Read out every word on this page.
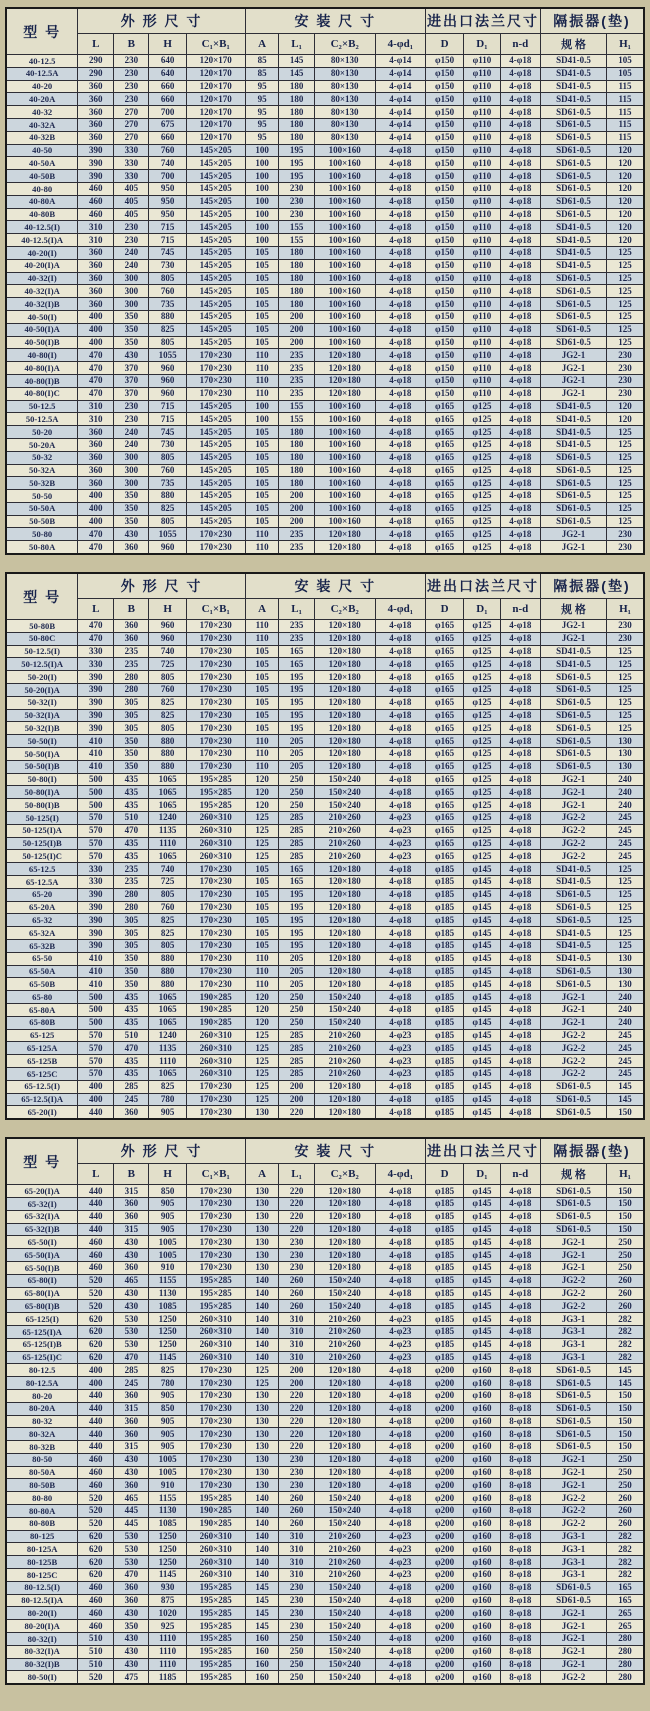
型 号	外 形 尺 寸				安 装 尺 寸				进出口法兰尺寸			隔振器(垫)	
	L	B	H	C₁×B₁	A	L₁	C₂×B₂	4-φd₁	D	D₁	n-d	规 格	H₁
40-12.5	290	230	640	120×170	85	145	80×130	4-φ14	φ150	φ110	4-φ18	SD41-0.5	105
40-12.5A	290	230	640	120×170	85	145	80×130	4-φ14	φ150	φ110	4-φ18	SD41-0.5	105
40-20	360	230	660	120×170	95	180	80×130	4-φ14	φ150	φ110	4-φ18	SD41-0.5	115
40-20A	360	230	660	120×170	95	180	80×130	4-φ14	φ150	φ110	4-φ18	SD41-0.5	115
40-32	360	270	700	120×170	95	180	80×130	4-φ14	φ150	φ110	4-φ18	SD61-0.5	115
40-32A	360	270	675	120×170	95	180	80×130	4-φ14	φ150	φ110	4-φ18	SD61-0.5	115
40-32B	360	270	660	120×170	95	180	80×130	4-φ14	φ150	φ110	4-φ18	SD61-0.5	115
40-50	390	330	760	145×205	100	195	100×160	4-φ18	φ150	φ110	4-φ18	SD61-0.5	120
40-50A	390	330	740	145×205	100	195	100×160	4-φ18	φ150	φ110	4-φ18	SD61-0.5	120
40-50B	390	330	700	145×205	100	195	100×160	4-φ18	φ150	φ110	4-φ18	SD61-0.5	120
40-80	460	405	950	145×205	100	230	100×160	4-φ18	φ150	φ110	4-φ18	SD61-0.5	120
40-80A	460	405	950	145×205	100	230	100×160	4-φ18	φ150	φ110	4-φ18	SD61-0.5	120
40-80B	460	405	950	145×205	100	230	100×160	4-φ18	φ150	φ110	4-φ18	SD61-0.5	120
40-12.5(I)	310	230	715	145×205	100	155	100×160	4-φ18	φ150	φ110	4-φ18	SD41-0.5	120
40-12.5(I)A	310	230	715	145×205	100	155	100×160	4-φ18	φ150	φ110	4-φ18	SD41-0.5	120
40-20(I)	360	240	745	145×205	105	180	100×160	4-φ18	φ150	φ110	4-φ18	SD41-0.5	125
40-20(I)A	360	240	730	145×205	105	180	100×160	4-φ18	φ150	φ110	4-φ18	SD41-0.5	125
40-32(I)	360	300	805	145×205	105	180	100×160	4-φ18	φ150	φ110	4-φ18	SD61-0.5	125
40-32(I)A	360	300	760	145×205	105	180	100×160	4-φ18	φ150	φ110	4-φ18	SD61-0.5	125
40-32(I)B	360	300	735	145×205	105	180	100×160	4-φ18	φ150	φ110	4-φ18	SD61-0.5	125
40-50(I)	400	350	880	145×205	105	200	100×160	4-φ18	φ150	φ110	4-φ18	SD61-0.5	125
40-50(I)A	400	350	825	145×205	105	200	100×160	4-φ18	φ150	φ110	4-φ18	SD61-0.5	125
40-50(I)B	400	350	805	145×205	105	200	100×160	4-φ18	φ150	φ110	4-φ18	SD61-0.5	125
40-80(I)	470	430	1055	170×230	110	235	120×180	4-φ18	φ150	φ110	4-φ18	JG2-1	230
40-80(I)A	470	370	960	170×230	110	235	120×180	4-φ18	φ150	φ110	4-φ18	JG2-1	230
40-80(I)B	470	370	960	170×230	110	235	120×180	4-φ18	φ150	φ110	4-φ18	JG2-1	230
40-80(I)C	470	370	960	170×230	110	235	120×180	4-φ18	φ150	φ110	4-φ18	JG2-1	230
50-12.5	310	230	715	145×205	100	155	100×160	4-φ18	φ165	φ125	4-φ18	SD41-0.5	120
50-12.5A	310	230	715	145×205	100	155	100×160	4-φ18	φ165	φ125	4-φ18	SD41-0.5	120
50-20	360	240	745	145×205	105	180	100×160	4-φ18	φ165	φ125	4-φ18	SD41-0.5	125
50-20A	360	240	730	145×205	105	180	100×160	4-φ18	φ165	φ125	4-φ18	SD41-0.5	125
50-32	360	300	805	145×205	105	180	100×160	4-φ18	φ165	φ125	4-φ18	SD61-0.5	125
50-32A	360	300	760	145×205	105	180	100×160	4-φ18	φ165	φ125	4-φ18	SD61-0.5	125
50-32B	360	300	735	145×205	105	180	100×160	4-φ18	φ165	φ125	4-φ18	SD61-0.5	125
50-50	400	350	880	145×205	105	200	100×160	4-φ18	φ165	φ125	4-φ18	SD61-0.5	125
50-50A	400	350	825	145×205	105	200	100×160	4-φ18	φ165	φ125	4-φ18	SD61-0.5	125
50-50B	400	350	805	145×205	105	200	100×160	4-φ18	φ165	φ125	4-φ18	SD61-0.5	125
50-80	470	430	1055	170×230	110	235	120×180	4-φ18	φ165	φ125	4-φ18	JG2-1	230
50-80A	470	360	960	170×230	110	235	120×180	4-φ18	φ165	φ125	4-φ18	JG2-1	230
型 号	外 形 尺 寸				安 装 尺 寸				进出口法兰尺寸			隔振器(垫)	
	L	B	H	C₁×B₁	A	L₁	C₂×B₂	4-φd₁	D	D₁	n-d	规 格	H₁
50-80B	470	360	960	170×230	110	235	120×180	4-φ18	φ165	φ125	4-φ18	JG2-1	230
50-80C	470	360	960	170×230	110	235	120×180	4-φ18	φ165	φ125	4-φ18	JG2-1	230
50-12.5(I)	330	235	740	170×230	105	165	120×180	4-φ18	φ165	φ125	4-φ18	SD41-0.5	125
50-12.5(I)A	330	235	725	170×230	105	165	120×180	4-φ18	φ165	φ125	4-φ18	SD41-0.5	125
50-20(I)	390	280	805	170×230	105	195	120×180	4-φ18	φ165	φ125	4-φ18	SD61-0.5	125
50-20(I)A	390	280	760	170×230	105	195	120×180	4-φ18	φ165	φ125	4-φ18	SD61-0.5	125
50-32(I)	390	305	825	170×230	105	195	120×180	4-φ18	φ165	φ125	4-φ18	SD61-0.5	125
50-32(I)A	390	305	825	170×230	105	195	120×180	4-φ18	φ165	φ125	4-φ18	SD61-0.5	125
50-32(I)B	390	305	805	170×230	105	195	120×180	4-φ18	φ165	φ125	4-φ18	SD61-0.5	125
50-50(I)	410	350	880	170×230	110	205	120×180	4-φ18	φ165	φ125	4-φ18	SD61-0.5	130
50-50(I)A	410	350	880	170×230	110	205	120×180	4-φ18	φ165	φ125	4-φ18	SD61-0.5	130
50-50(I)B	410	350	880	170×230	110	205	120×180	4-φ18	φ165	φ125	4-φ18	SD61-0.5	130
50-80(I)	500	435	1065	195×285	120	250	150×240	4-φ18	φ165	φ125	4-φ18	JG2-1	240
50-80(I)A	500	435	1065	195×285	120	250	150×240	4-φ18	φ165	φ125	4-φ18	JG2-1	240
50-80(I)B	500	435	1065	195×285	120	250	150×240	4-φ18	φ165	φ125	4-φ18	JG2-1	240
50-125(I)	570	510	1240	260×310	125	285	210×260	4-φ23	φ165	φ125	4-φ18	JG2-2	245
50-125(I)A	570	470	1135	260×310	125	285	210×260	4-φ23	φ165	φ125	4-φ18	JG2-2	245
50-125(I)B	570	435	1110	260×310	125	285	210×260	4-φ23	φ165	φ125	4-φ18	JG2-2	245
50-125(I)C	570	435	1065	260×310	125	285	210×260	4-φ23	φ165	φ125	4-φ18	JG2-2	245
65-12.5	330	235	740	170×230	105	165	120×180	4-φ18	φ185	φ145	4-φ18	SD41-0.5	125
65-12.5A	330	235	725	170×230	105	165	120×180	4-φ18	φ185	φ145	4-φ18	SD41-0.5	125
65-20	390	280	805	170×230	105	195	120×180	4-φ18	φ185	φ145	4-φ18	SD61-0.5	125
65-20A	390	280	760	170×230	105	195	120×180	4-φ18	φ185	φ145	4-φ18	SD61-0.5	125
65-32	390	305	825	170×230	105	195	120×180	4-φ18	φ185	φ145	4-φ18	SD61-0.5	125
65-32A	390	305	825	170×230	105	195	120×180	4-φ18	φ185	φ145	4-φ18	SD41-0.5	125
65-32B	390	305	805	170×230	105	195	120×180	4-φ18	φ185	φ145	4-φ18	SD41-0.5	125
65-50	410	350	880	170×230	110	205	120×180	4-φ18	φ185	φ145	4-φ18	SD41-0.5	130
65-50A	410	350	880	170×230	110	205	120×180	4-φ18	φ185	φ145	4-φ18	SD61-0.5	130
65-50B	410	350	880	170×230	110	205	120×180	4-φ18	φ185	φ145	4-φ18	SD61-0.5	130
65-80	500	435	1065	190×285	120	250	150×240	4-φ18	φ185	φ145	4-φ18	JG2-1	240
65-80A	500	435	1065	190×285	120	250	150×240	4-φ18	φ185	φ145	4-φ18	JG2-1	240
65-80B	500	435	1065	190×285	120	250	150×240	4-φ18	φ185	φ145	4-φ18	JG2-1	240
65-125	570	510	1240	260×310	125	285	210×260	4-φ23	φ185	φ145	4-φ18	JG2-2	245
65-125A	570	470	1135	260×310	125	285	210×260	4-φ23	φ185	φ145	4-φ18	JG2-2	245
65-125B	570	435	1110	260×310	125	285	210×260	4-φ23	φ185	φ145	4-φ18	JG2-2	245
65-125C	570	435	1065	260×310	125	285	210×260	4-φ23	φ185	φ145	4-φ18	JG2-2	245
65-12.5(I)	400	285	825	170×230	125	200	120×180	4-φ18	φ185	φ145	4-φ18	SD61-0.5	145
65-12.5(I)A	400	245	780	170×230	125	200	120×180	4-φ18	φ185	φ145	4-φ18	SD61-0.5	145
65-20(I)	440	360	905	170×230	130	220	120×180	4-φ18	φ185	φ145	4-φ18	SD61-0.5	150
型 号	外 形 尺 寸				安 装 尺 寸				进出口法兰尺寸			隔振器(垫)	
	L	B	H	C₁×B₁	A	L₁	C₂×B₂	4-φd₁	D	D₁	n-d	规 格	H₁
65-20(I)A	440	315	850	170×230	130	220	120×180	4-φ18	φ185	φ145	4-φ18	SD61-0.5	150
65-32(I)	440	360	905	170×230	130	220	120×180	4-φ18	φ185	φ145	4-φ18	SD61-0.5	150
65-32(I)A	440	360	905	170×230	130	220	120×180	4-φ18	φ185	φ145	4-φ18	SD61-0.5	150
65-32(I)B	440	315	905	170×230	130	220	120×180	4-φ18	φ185	φ145	4-φ18	SD61-0.5	150
65-50(I)	460	430	1005	170×230	130	230	120×180	4-φ18	φ185	φ145	4-φ18	JG2-1	250
65-50(I)A	460	430	1005	170×230	130	230	120×180	4-φ18	φ185	φ145	4-φ18	JG2-1	250
65-50(I)B	460	360	910	170×230	130	230	120×180	4-φ18	φ185	φ145	4-φ18	JG2-1	250
65-80(I)	520	465	1155	195×285	140	260	150×240	4-φ18	φ185	φ145	4-φ18	JG2-2	260
65-80(I)A	520	430	1130	195×285	140	260	150×240	4-φ18	φ185	φ145	4-φ18	JG2-2	260
65-80(I)B	520	430	1085	195×285	140	260	150×240	4-φ18	φ185	φ145	4-φ18	JG2-2	260
65-125(I)	620	530	1250	260×310	140	310	210×260	4-φ23	φ185	φ145	4-φ18	JG3-1	282
65-125(I)A	620	530	1250	260×310	140	310	210×260	4-φ23	φ185	φ145	4-φ18	JG3-1	282
65-125(I)B	620	530	1250	260×310	140	310	210×260	4-φ23	φ185	φ145	4-φ18	JG3-1	282
65-125(I)C	620	470	1145	260×310	140	310	210×260	4-φ23	φ185	φ145	4-φ18	JG3-1	282
80-12.5	400	285	825	170×230	125	200	120×180	4-φ18	φ200	φ160	8-φ18	SD61-0.5	145
80-12.5A	400	245	780	170×230	125	200	120×180	4-φ18	φ200	φ160	8-φ18	SD61-0.5	145
80-20	440	360	905	170×230	130	220	120×180	4-φ18	φ200	φ160	8-φ18	SD61-0.5	150
80-20A	440	315	850	170×230	130	220	120×180	4-φ18	φ200	φ160	8-φ18	SD61-0.5	150
80-32	440	360	905	170×230	130	220	120×180	4-φ18	φ200	φ160	8-φ18	SD61-0.5	150
80-32A	440	360	905	170×230	130	220	120×180	4-φ18	φ200	φ160	8-φ18	SD61-0.5	150
80-32B	440	315	905	170×230	130	220	120×180	4-φ18	φ200	φ160	8-φ18	SD61-0.5	150
80-50	460	430	1005	170×230	130	230	120×180	4-φ18	φ200	φ160	8-φ18	JG2-1	250
80-50A	460	430	1005	170×230	130	230	120×180	4-φ18	φ200	φ160	8-φ18	JG2-1	250
80-50B	460	360	910	170×230	130	230	120×180	4-φ18	φ200	φ160	8-φ18	JG2-1	250
80-80	520	465	1155	195×285	140	260	150×240	4-φ18	φ200	φ160	8-φ18	JG2-2	260
80-80A	520	445	1130	190×285	140	260	150×240	4-φ18	φ200	φ160	8-φ18	JG2-2	260
80-80B	520	445	1085	190×285	140	260	150×240	4-φ18	φ200	φ160	8-φ18	JG2-2	260
80-125	620	530	1250	260×310	140	310	210×260	4-φ23	φ200	φ160	8-φ18	JG3-1	282
80-125A	620	530	1250	260×310	140	310	210×260	4-φ23	φ200	φ160	8-φ18	JG3-1	282
80-125B	620	530	1250	260×310	140	310	210×260	4-φ23	φ200	φ160	8-φ18	JG3-1	282
80-125C	620	470	1145	260×310	140	310	210×260	4-φ23	φ200	φ160	8-φ18	JG3-1	282
80-12.5(I)	460	360	930	195×285	145	230	150×240	4-φ18	φ200	φ160	8-φ18	SD61-0.5	165
80-12.5(I)A	460	360	875	195×285	145	230	150×240	4-φ18	φ200	φ160	8-φ18	SD61-0.5	165
80-20(I)	460	430	1020	195×285	145	230	150×240	4-φ18	φ200	φ160	8-φ18	JG2-1	265
80-20(I)A	460	350	925	195×285	145	230	150×240	4-φ18	φ200	φ160	8-φ18	JG2-1	265
80-32(I)	510	430	1110	195×285	160	250	150×240	4-φ18	φ200	φ160	8-φ18	JG2-1	280
80-32(I)A	510	430	1110	195×285	160	250	150×240	4-φ18	φ200	φ160	8-φ18	JG2-1	280
80-32(I)B	510	430	1110	195×285	160	250	150×240	4-φ18	φ200	φ160	8-φ18	JG2-1	280
80-50(I)	520	475	1185	195×285	160	250	150×240	4-φ18	φ200	φ160	8-φ18	JG2-2	280
